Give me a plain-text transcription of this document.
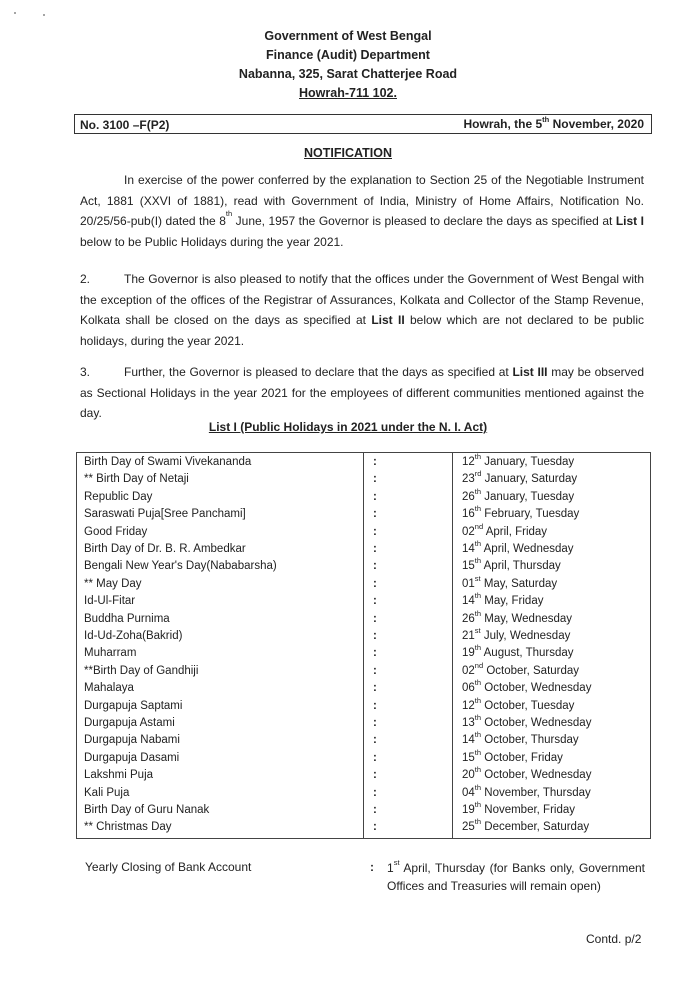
Government of West Bengal
Finance (Audit) Department
Nabanna, 325, Sarat Chatterjee Road
Howrah-711 102.
No. 3100 –F(P2)	Howrah, the 5th November, 2020
NOTIFICATION
In exercise of the power conferred by the explanation to Section 25 of the Negotiable Instrument Act, 1881 (XXVI of 1881), read with Government of India, Ministry of Home Affairs, Notification No. 20/25/56-pub(I) dated the 8th June, 1957 the Governor is pleased to declare the days as specified at List I below to be Public Holidays during the year 2021.
2.	The Governor is also pleased to notify that the offices under the Government of West Bengal with the exception of the offices of the Registrar of Assurances, Kolkata and Collector of the Stamp Revenue, Kolkata shall be closed on the days as specified at List II below which are not declared to be public holidays, during the year 2021.
3.	Further, the Governor is pleased to declare that the days as specified at List III may be observed as Sectional Holidays in the year 2021 for the employees of different communities mentioned against the day.
List I (Public Holidays in 2021 under the N. I. Act)
Birth Day of Swami Vivekananda	:	12th January, Tuesday
** Birth Day of Netaji	:	23rd January, Saturday
Republic Day	:	26th January, Tuesday
Saraswati Puja[Sree Panchami]	:	16th February, Tuesday
Good Friday	:	02nd April, Friday
Birth Day of Dr. B. R. Ambedkar	:	14th April, Wednesday
Bengali New Year's Day(Nababarsha)	:	15th April, Thursday
** May Day	:	01st May, Saturday
Id-Ul-Fitar	:	14th May, Friday
Buddha Purnima	:	26th May, Wednesday
Id-Ud-Zoha(Bakrid)	:	21st July, Wednesday
Muharram	:	19th August, Thursday
**Birth Day of Gandhiji	:	02nd October, Saturday
Mahalaya	:	06th October, Wednesday
Durgapuja Saptami	:	12th October, Tuesday
Durgapuja Astami	:	13th October, Wednesday
Durgapuja Nabami	:	14th October, Thursday
Durgapuja Dasami	:	15th October, Friday
Lakshmi Puja	:	20th October, Wednesday
Kali Puja	:	04th November, Thursday
Birth Day of Guru Nanak	:	19th November, Friday
** Christmas Day	:	25th December, Saturday
Yearly Closing of Bank Account	: 1st April, Thursday (for Banks only, Government Offices and Treasuries will remain open)
Contd. p/2
